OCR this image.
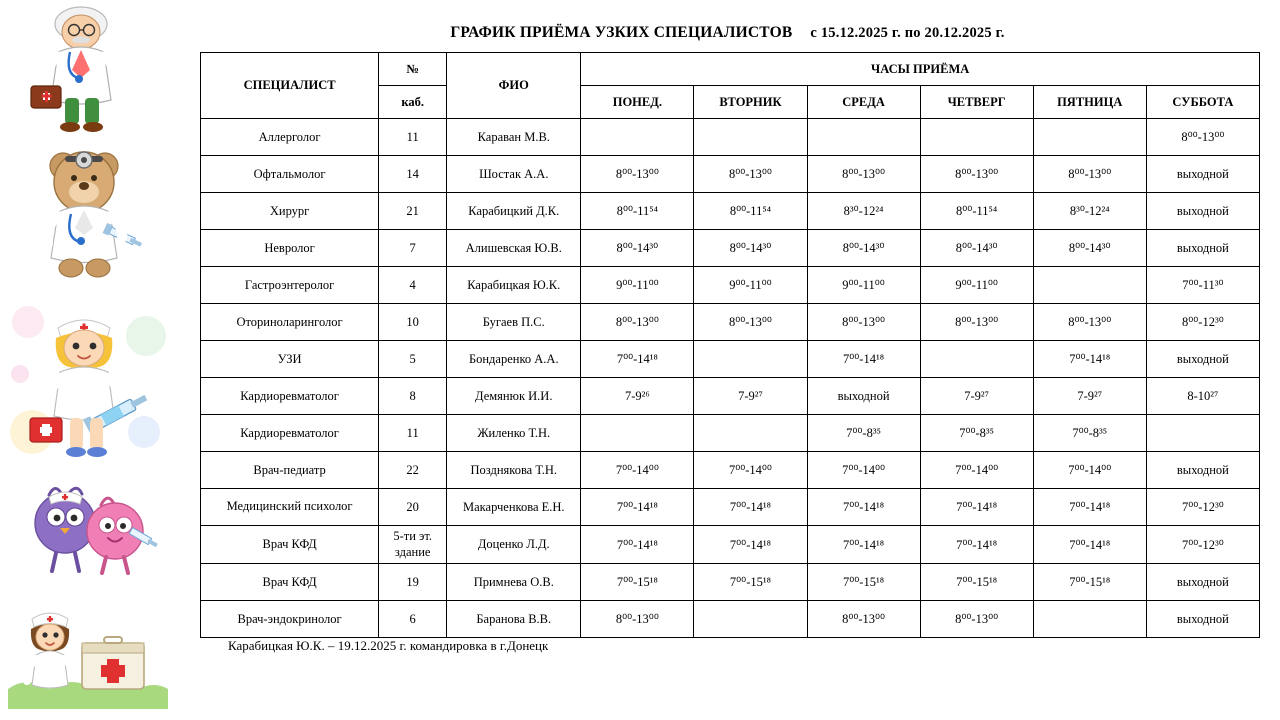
ГРАФИК ПРИЁМА УЗКИХ СПЕЦИАЛИСТОВ с 15.12.2025 г. по 20.12.2025 г.
СПЕЦИАЛИСТ	№	ФИО	ЧАСЫ ПРИЁМА					
	каб.		ПОНЕД.	ВТОРНИК	СРЕДА	ЧЕТВЕРГ	ПЯТНИЦА	СУББОТА
Аллерголог	11	Караван М.В.						8⁰⁰-13⁰⁰
Офтальмолог	14	Шостак А.А.	8⁰⁰-13⁰⁰	8⁰⁰-13⁰⁰	8⁰⁰-13⁰⁰	8⁰⁰-13⁰⁰	8⁰⁰-13⁰⁰	выходной
Хирург	21	Карабицкий Д.К.	8⁰⁰-11⁵⁴	8⁰⁰-11⁵⁴	8³⁰-12²⁴	8⁰⁰-11⁵⁴	8³⁰-12²⁴	выходной
Невролог	7	Алишевская Ю.В.	8⁰⁰-14³⁰	8⁰⁰-14³⁰	8⁰⁰-14³⁰	8⁰⁰-14³⁰	8⁰⁰-14³⁰	выходной
Гастроэнтеролог	4	Карабицкая Ю.К.	9⁰⁰-11⁰⁰	9⁰⁰-11⁰⁰	9⁰⁰-11⁰⁰	9⁰⁰-11⁰⁰		7⁰⁰-11³⁰
Оториноларинголог	10	Бугаев П.С.	8⁰⁰-13⁰⁰	8⁰⁰-13⁰⁰	8⁰⁰-13⁰⁰	8⁰⁰-13⁰⁰	8⁰⁰-13⁰⁰	8⁰⁰-12³⁰
УЗИ	5	Бондаренко А.А.	7⁰⁰-14¹⁸		7⁰⁰-14¹⁸		7⁰⁰-14¹⁸	выходной
Кардиоревматолог	8	Демянюк И.И.	7-9²⁶	7-9²⁷	выходной	7-9²⁷	7-9²⁷	8-10²⁷
Кардиоревматолог	11	Жиленко Т.Н.			7⁰⁰-8³⁵	7⁰⁰-8³⁵	7⁰⁰-8³⁵	
Врач-педиатр	22	Позднякова Т.Н.	7⁰⁰-14⁰⁰	7⁰⁰-14⁰⁰	7⁰⁰-14⁰⁰	7⁰⁰-14⁰⁰	7⁰⁰-14⁰⁰	выходной
Медицинский психолог	20	Макарченкова Е.Н.	7⁰⁰-14¹⁸	7⁰⁰-14¹⁸	7⁰⁰-14¹⁸	7⁰⁰-14¹⁸	7⁰⁰-14¹⁸	7⁰⁰-12³⁰
Врач КФД	5-ти эт. здание	Доценко Л.Д.	7⁰⁰-14¹⁸	7⁰⁰-14¹⁸	7⁰⁰-14¹⁸	7⁰⁰-14¹⁸	7⁰⁰-14¹⁸	7⁰⁰-12³⁰
Врач КФД	19	Примнева О.В.	7⁰⁰-15¹⁸	7⁰⁰-15¹⁸	7⁰⁰-15¹⁸	7⁰⁰-15¹⁸	7⁰⁰-15¹⁸	выходной
Врач-эндокринолог	6	Баранова В.В.	8⁰⁰-13⁰⁰		8⁰⁰-13⁰⁰	8⁰⁰-13⁰⁰		выходной
Карабицкая Ю.К. – 19.12.2025 г. командировка в г.Донецк
